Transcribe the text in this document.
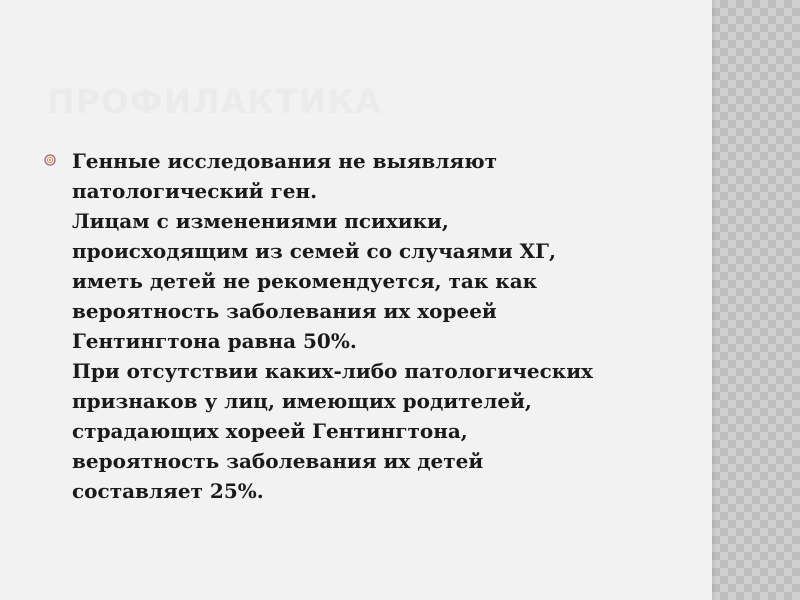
ПРОФИЛАКТИКА
Генные исследования не выявляют
патологический ген.
Лицам с изменениями психики,
происходящим из семей со случаями ХГ,
иметь детей не рекомендуется, так как
вероятность заболевания их хореей
Гентингтона равна 50%.
При отсутствии каких-либо патологических
признаков у лиц, имеющих родителей,
страдающих хореей Гентингтона,
вероятность заболевания их детей
составляет 25%.
